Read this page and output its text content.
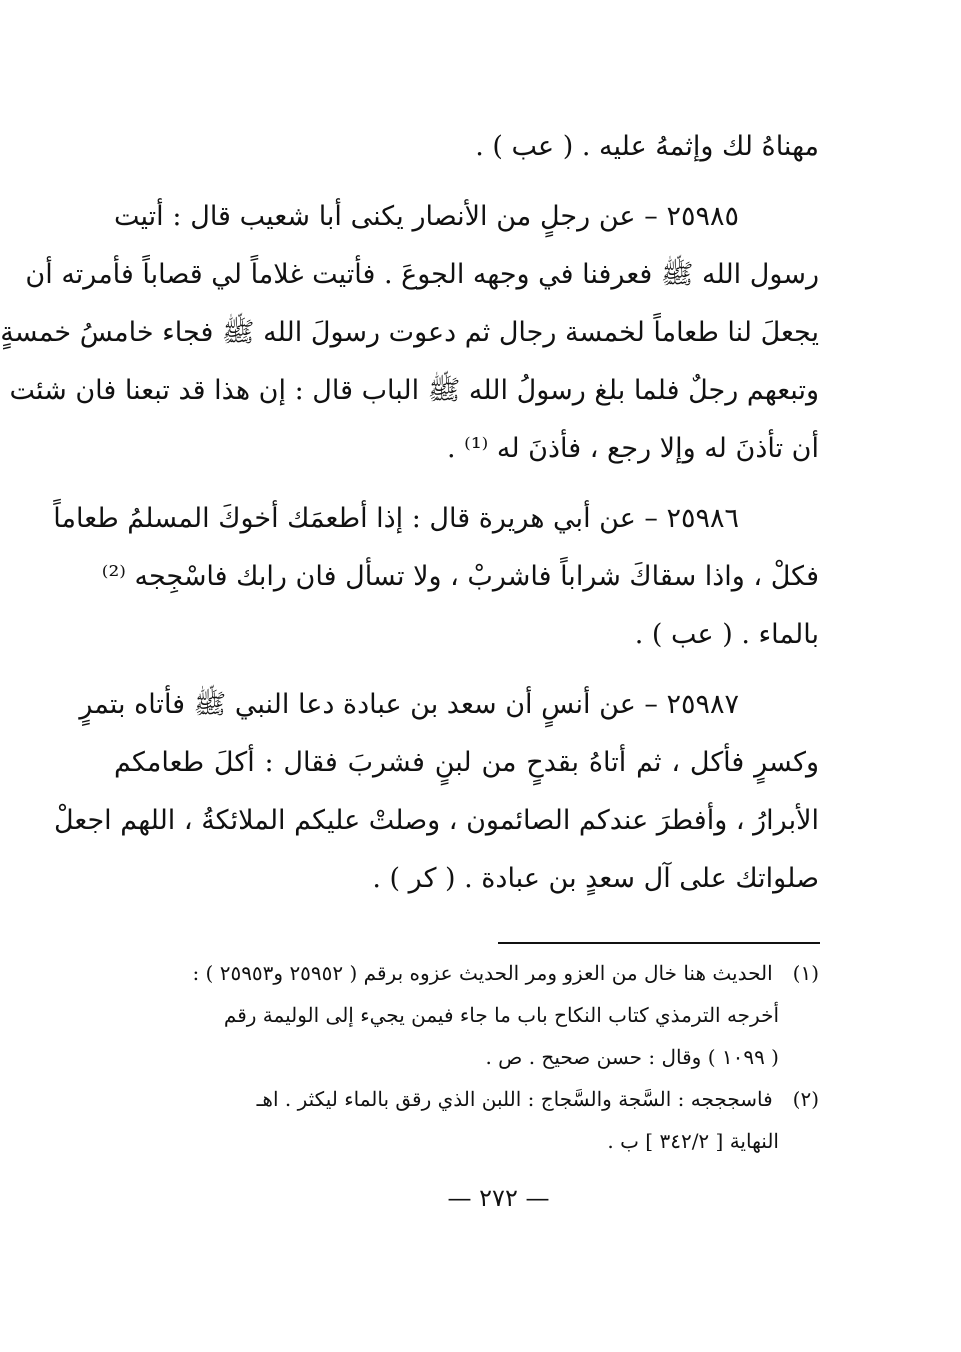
مهناهُ لك وإثمهُ عليه . ( عب ) .
٢٥٩٨٥ – عن رجلٍ من الأنصار يكنى أبا شعيب قال : أتيت
رسول الله ﷺ فعرفنا في وجهه الجوعَ . فأتيت غلاماً لي قصاباً فأمرته أن
يجعلَ لنا طعاماً لخمسة رجال ثم دعوت رسولَ الله ﷺ فجاء خامسُ خمسةٍ
وتبعهم رجلٌ فلما بلغ رسولُ الله ﷺ الباب قال : إن هذا قد تبعنا فان شئت
أن تأذنَ له وإلا رجع ، فأذنَ له ⁽¹⁾ .
٢٥٩٨٦ – عن أبي هريرة قال : إذا أطعمَك أخوكَ المسلمُ طعاماً
فكلْ ، واذا سقاكَ شراباً فاشربْ ، ولا تسأل فان رابك فاسْجِجه ⁽²⁾
بالماء . ( عب ) .
٢٥٩٨٧ – عن أنسٍ أن سعد بن عبادة دعا النبي ﷺ فأتاه بتمرٍ
وكسرٍ فأكل ، ثم أتاهُ بقدحٍ من لبنٍ فشربَ فقال : أكلَ طعامكم
الأبرارُ ، وأفطرَ عندكم الصائمون ، وصلتْ عليكم الملائكةُ ، اللهم اجعلْ
صلواتك على آل سعدٍ بن عبادة . ( كر ) .
(١) الحديث هنا خال من العزو ومر الحديث عزوه برقم ( ٢٥٩٥٢ و٢٥٩٥٣ ) :
أخرجه الترمذي كتاب النكاح باب ما جاء فيمن يجيء إلى الوليمة رقم
( ١٠٩٩ ) وقال : حسن صحيح . ص .
(٢) فاسجججه : السَّجة والسَّجاج : اللبن الذي رقق بالماء ليكثر . اهـ
النهاية [ ٣٤٢/٢ ] ب .
— ٢٧٢ —
